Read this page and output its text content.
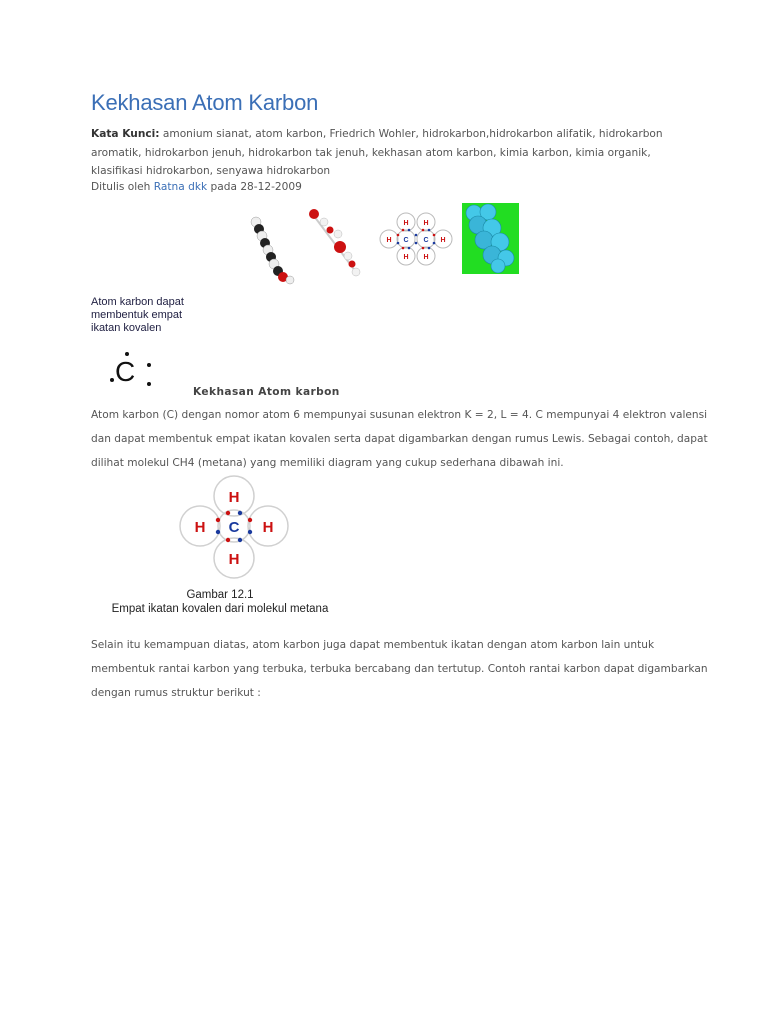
Kekhasan Atom Karbon
Kata Kunci: amonium sianat, atom karbon, Friedrich Wohler, hidrokarbon,hidrokarbon alifatik, hidrokarbon aromatik, hidrokarbon jenuh, hidrokarbon tak jenuh, kekhasan atom karbon, kimia karbon, kimia organik, klasifikasi hidrokarbon, senyawa hidrokarbon
Ditulis oleh Ratna dkk pada 28-12-2009
H H
H C C H
H H
Atom karbon dapat
membentuk empat
ikatan kovalen
C
Kekhasan Atom karbon

Atom karbon (C) dengan nomor atom 6 mempunyai susunan elektron K = 2, L = 4. C mempunyai 4 elektron valensi dan dapat membentuk empat ikatan kovalen serta dapat digambarkan dengan rumus Lewis. Sebagai contoh, dapat dilihat molekul CH4 (metana) yang memiliki diagram yang cukup sederhana dibawah ini.

H
H C H
H
Gambar 12.1
Empat ikatan kovalen dari molekul metana

Selain itu kemampuan diatas, atom karbon juga dapat membentuk ikatan dengan atom karbon lain untuk membentuk rantai karbon yang terbuka, terbuka bercabang dan tertutup. Contoh rantai karbon dapat digambarkan dengan rumus struktur berikut :
